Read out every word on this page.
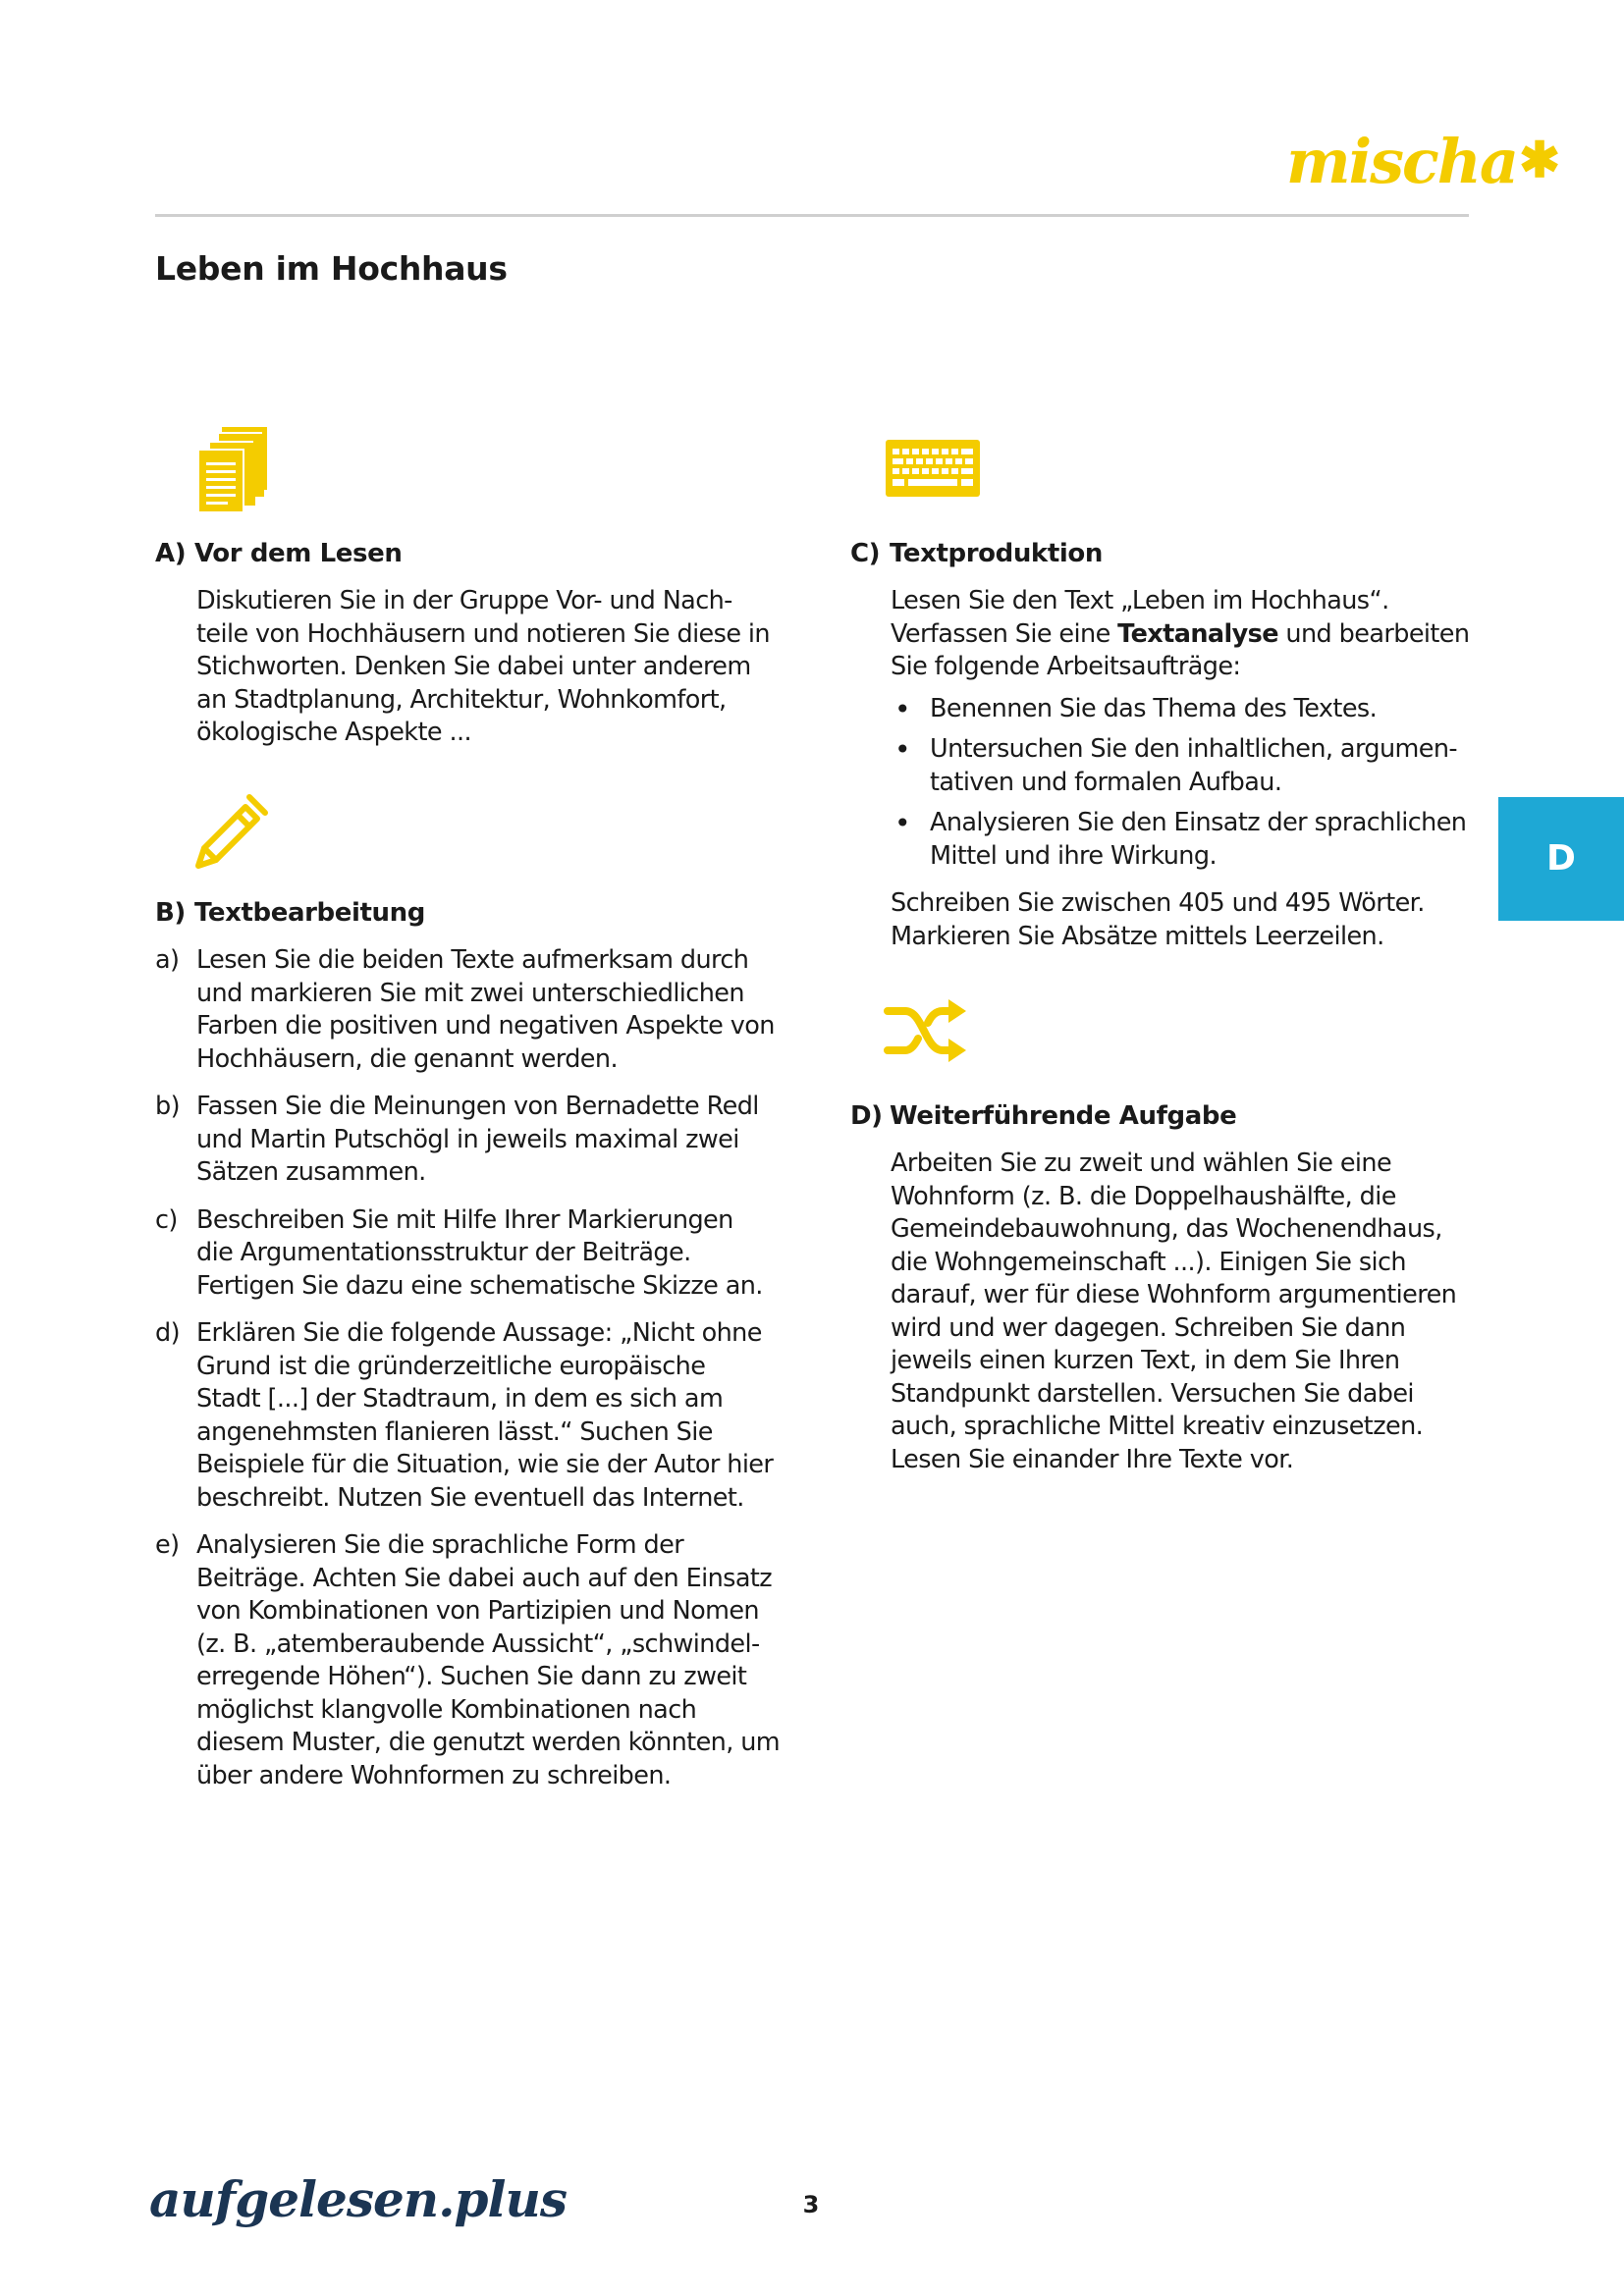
mischa✱
Leben im Hochhaus
A) Vor dem Lesen
Diskutieren Sie in der Gruppe Vor- und Nach-
teile von Hochhäusern und notieren Sie diese in
Stichworten. Denken Sie dabei unter anderem
an Stadtplanung, Architektur, Wohnkomfort,
ökologische Aspekte ...
B) Textbearbeitung
a) Lesen Sie die beiden Texte aufmerksam durch
und markieren Sie mit zwei unterschiedlichen
Farben die positiven und negativen Aspekte von
Hochhäusern, die genannt werden.
b) Fassen Sie die Meinungen von Bernadette Redl
und Martin Putschögl in jeweils maximal zwei
Sätzen zusammen.
c) Beschreiben Sie mit Hilfe Ihrer Markierungen
die Argumentationsstruktur der Beiträge.
Fertigen Sie dazu eine schematische Skizze an.
d) Erklären Sie die folgende Aussage: „Nicht ohne
Grund ist die gründerzeitliche europäische
Stadt [...] der Stadtraum, in dem es sich am
angenehmsten flanieren lässt.“ Suchen Sie
Beispiele für die Situation, wie sie der Autor hier
beschreibt. Nutzen Sie eventuell das Internet.
e) Analysieren Sie die sprachliche Form der
Beiträge. Achten Sie dabei auch auf den Einsatz
von Kombinationen von Partizipien und Nomen
(z. B. „atemberaubende Aussicht“, „schwindel-
erregende Höhen“). Suchen Sie dann zu zweit
möglichst klangvolle Kombinationen nach
diesem Muster, die genutzt werden könnten, um
über andere Wohnformen zu schreiben.
C) Textproduktion
Lesen Sie den Text „Leben im Hochhaus“.
Verfassen Sie eine Textanalyse und bearbeiten
Sie folgende Arbeitsaufträge:
• Benennen Sie das Thema des Textes.
• Untersuchen Sie den inhaltlichen, argumen-
tativen und formalen Aufbau.
• Analysieren Sie den Einsatz der sprachlichen
Mittel und ihre Wirkung.
Schreiben Sie zwischen 405 und 495 Wörter.
Markieren Sie Absätze mittels Leerzeilen.
D) Weiterführende Aufgabe
Arbeiten Sie zu zweit und wählen Sie eine
Wohnform (z. B. die Doppelhaushälfte, die
Gemeindebauwohnung, das Wochenendhaus,
die Wohngemeinschaft ...). Einigen Sie sich
darauf, wer für diese Wohnform argumentieren
wird und wer dagegen. Schreiben Sie dann
jeweils einen kurzen Text, in dem Sie Ihren
Standpunkt darstellen. Versuchen Sie dabei
auch, sprachliche Mittel kreativ einzusetzen.
Lesen Sie einander Ihre Texte vor.
D
aufgelesen.plus	3
